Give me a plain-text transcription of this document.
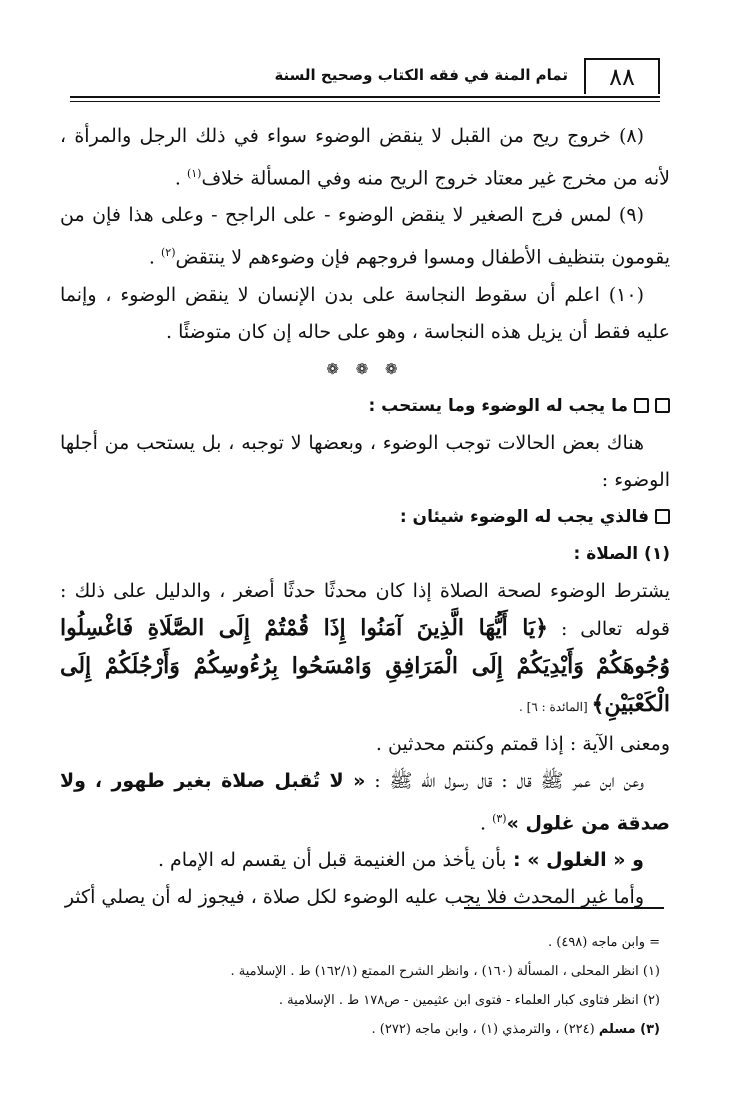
٨٨
تمام المنة في فقه الكتاب وصحيح السنة

(٨) خروج ريح من القبل لا ينقض الوضوء سواء في ذلك الرجل والمرأة ، لأنه من مخرج غير معتاد خروج الريح منه وفي المسألة خلاف$^{(١)}$ .

(٩) لمس فرج الصغير لا ينقض الوضوء - على الراجح - وعلى هذا فإن من يقومون بتنظيف الأطفال ومسوا فروجهم فإن وضوءهم لا ينتقض$^{(٢)}$ .

(١٠) اعلم أن سقوط النجاسة على بدن الإنسان لا ينقض الوضوء ، وإنما عليه فقط أن يزيل هذه النجاسة ، وهو على حاله إن كان متوضئًا .

❁ ❁ ❁

ما يجب له الوضوء وما يستحب :

هناك بعض الحالات توجب الوضوء ، وبعضها لا توجبه ، بل يستحب من أجلها الوضوء :

فالذي يجب له الوضوء شيئان :

(١) الصلاة :

يشترط الوضوء لصحة الصلاة إذا كان محدثًا حدثًا أصغر ، والدليل على ذلك : قوله تعالى : ﴿يَا أَيُّهَا الَّذِينَ آمَنُوا إِذَا قُمْتُمْ إِلَى الصَّلَاةِ فَاغْسِلُوا وُجُوهَكُمْ وَأَيْدِيَكُمْ إِلَى الْمَرَافِقِ وَامْسَحُوا بِرُءُوسِكُمْ وَأَرْجُلَكُمْ إِلَى الْكَعْبَيْنِ﴾ [المائدة : ٦] .

ومعنى الآية : إذا قمتم وكنتم محدثين .

وعن ابن عمر ﷺ قال : قال رسول الله ﷺ : « لا تُقبل صلاة بغير طهور ، ولا صدقة من غلول »$^{(٣)}$ .

و « الغلول » : بأن يأخذ من الغنيمة قبل أن يقسم له الإمام .

وأما غير المحدث فلا يجب عليه الوضوء لكل صلاة ، فيجوز له أن يصلي أكثر

= وابن ماجه (٤٩٨) .

(١) انظر المحلى ، المسألة (١٦٠) ، وانظر الشرح الممتع (١٦٢/١) ط . الإسلامية .

(٢) انظر فتاوى كبار العلماء - فتوى ابن عثيمين - ص١٧٨ ط . الإسلامية .

(٣) مسلم (٢٢٤) ، والترمذي (١) ، وابن ماجه (٢٧٢) .
